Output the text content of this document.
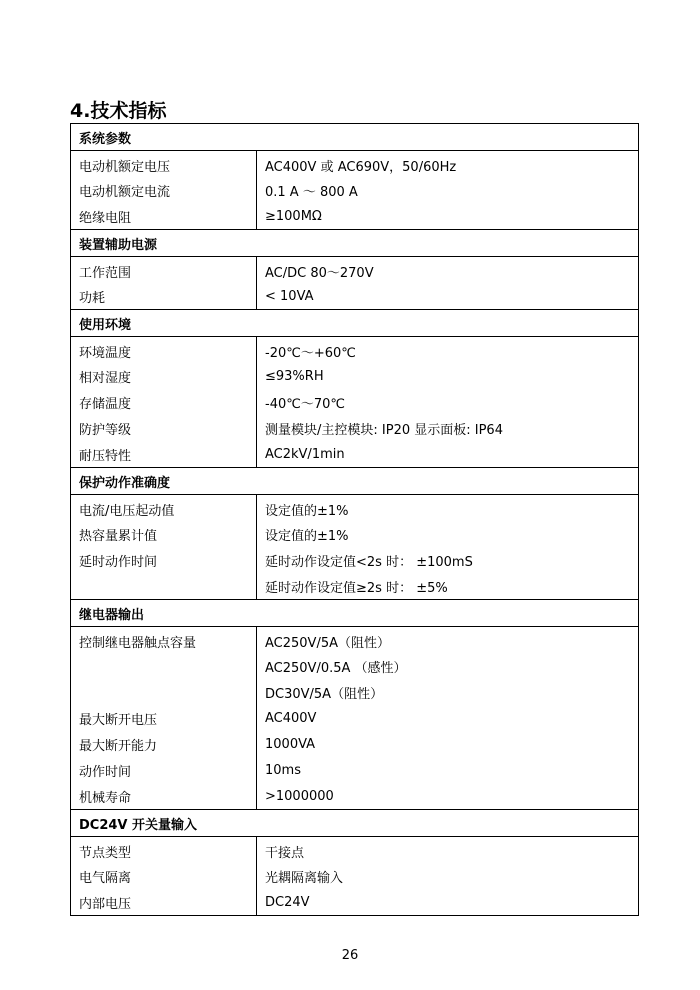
4.技术指标
系统参数	
电动机额定电压	AC400V 或 AC690V，50/60Hz
电动机额定电流	0.1 A ～ 800 A
绝缘电阻	≥100MΩ
装置辅助电源	
工作范围	AC/DC 80～270V
功耗	< 10VA
使用环境	
环境温度	-20℃～+60℃
相对湿度	≤93%RH
存储温度	-40℃～70℃
防护等级	测量模块/主控模块: IP20 显示面板: IP64
耐压特性	AC2kV/1min
保护动作准确度	
电流/电压起动值	设定值的±1%
热容量累计值	设定值的±1%
延时动作时间	延时动作设定值<2s 时： ±100mS
	延时动作设定值≥2s 时： ±5%
继电器输出	
控制继电器触点容量	AC250V/5A（阻性）
	AC250V/0.5A （感性）
	DC30V/5A（阻性）
最大断开电压	AC400V
最大断开能力	1000VA
动作时间	10ms
机械寿命	>1000000
DC24V 开关量输入	
节点类型	干接点
电气隔离	光耦隔离输入
内部电压	DC24V
26
